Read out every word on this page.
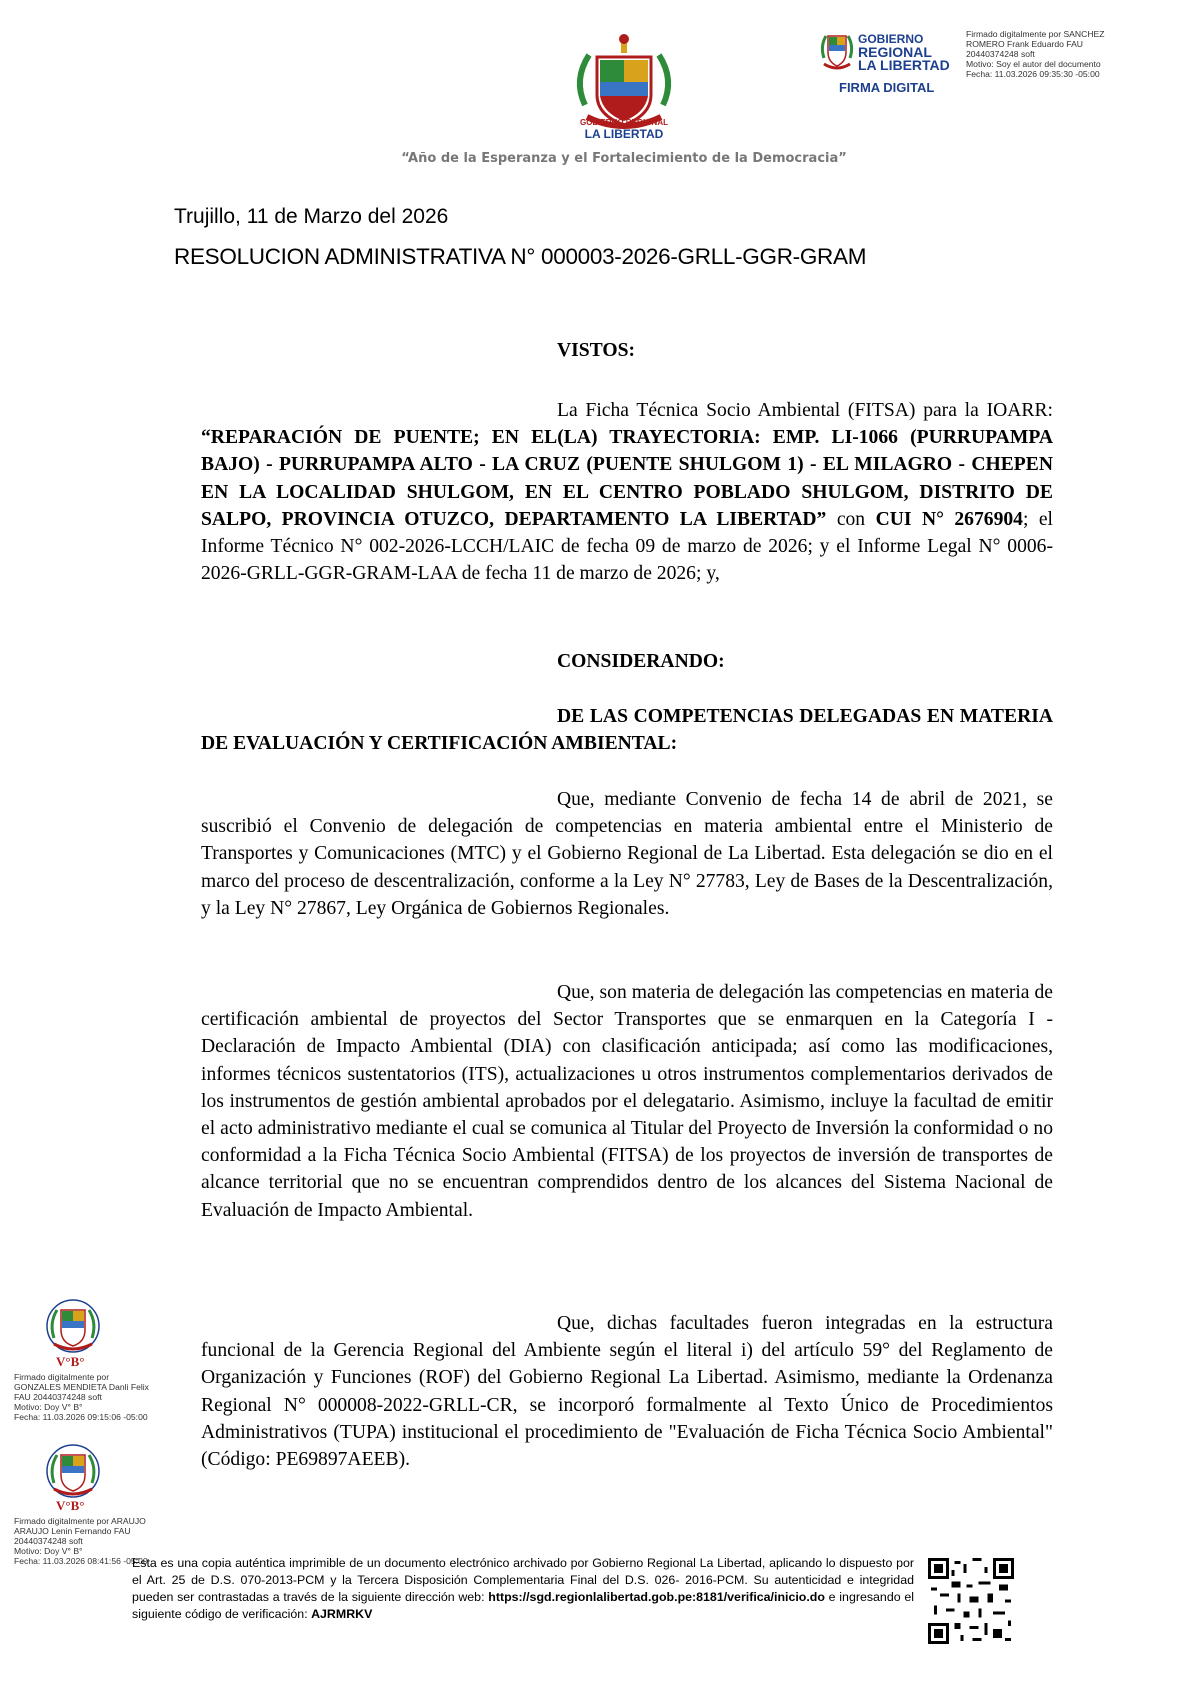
GOBIERNO REGIONAL
LA LIBERTAD
“Año de la Esperanza y el Fortalecimiento de la Democracia”
GOBIERNO
REGIONAL
LA LIBERTAD
FIRMA DIGITAL
Firmado digitalmente por SANCHEZ
ROMERO Frank Eduardo FAU
20440374248 soft
Motivo: Soy el autor del documento
Fecha: 11.03.2026 09:35:30 -05:00
Trujillo, 11 de Marzo del 2026
RESOLUCION ADMINISTRATIVA N° 000003-2026-GRLL-GGR-GRAM
VISTOS:

La Ficha Técnica Socio Ambiental (FITSA) para la IOARR: “REPARACIÓN DE PUENTE; EN EL(LA) TRAYECTORIA: EMP. LI-1066 (PURRUPAMPA BAJO) - PURRUPAMPA ALTO - LA CRUZ (PUENTE SHULGOM 1) - EL MILAGRO - CHEPEN EN LA LOCALIDAD SHULGOM, EN EL CENTRO POBLADO SHULGOM, DISTRITO DE SALPO, PROVINCIA OTUZCO, DEPARTAMENTO LA LIBERTAD” con CUI N° 2676904; el Informe Técnico N° 002-2026-LCCH/LAIC de fecha 09 de marzo de 2026; y el Informe Legal N° 0006-2026-GRLL-GGR-GRAM-LAA de fecha 11 de marzo de 2026; y,

CONSIDERANDO:

DE LAS COMPETENCIAS DELEGADAS EN MATERIA DE EVALUACIÓN Y CERTIFICACIÓN AMBIENTAL:

Que, mediante Convenio de fecha 14 de abril de 2021, se suscribió el Convenio de delegación de competencias en materia ambiental entre el Ministerio de Transportes y Comunicaciones (MTC) y el Gobierno Regional de La Libertad. Esta delegación se dio en el marco del proceso de descentralización, conforme a la Ley N° 27783, Ley de Bases de la Descentralización, y la Ley N° 27867, Ley Orgánica de Gobiernos Regionales.

Que, son materia de delegación las competencias en materia de certificación ambiental de proyectos del Sector Transportes que se enmarquen en la Categoría I - Declaración de Impacto Ambiental (DIA) con clasificación anticipada; así como las modificaciones, informes técnicos sustentatorios (ITS), actualizaciones u otros instrumentos complementarios derivados de los instrumentos de gestión ambiental aprobados por el delegatario. Asimismo, incluye la facultad de emitir el acto administrativo mediante el cual se comunica al Titular del Proyecto de Inversión la conformidad o no conformidad a la Ficha Técnica Socio Ambiental (FITSA) de los proyectos de inversión de transportes de alcance territorial que no se encuentran comprendidos dentro de los alcances del Sistema Nacional de Evaluación de Impacto Ambiental.

Que, dichas facultades fueron integradas en la estructura funcional de la Gerencia Regional del Ambiente según el literal i) del artículo 59° del Reglamento de Organización y Funciones (ROF) del Gobierno Regional La Libertad. Asimismo, mediante la Ordenanza Regional N° 000008-2022-GRLL-CR, se incorporó formalmente al Texto Único de Procedimientos Administrativos (TUPA) institucional el procedimiento de "Evaluación de Ficha Técnica Socio Ambiental" (Código: PE69897AEEB).

V°B°
Firmado digitalmente por
GONZALES MENDIETA Danli Felix
FAU 20440374248 soft
Motivo: Doy V° B°
Fecha: 11.03.2026 09:15:06 -05:00
V°B°
Firmado digitalmente por ARAUJO
ARAUJO Lenin Fernando FAU
20440374248 soft
Motivo: Doy V° B°
Fecha: 11.03.2026 08:41:56 -05:00
Esta es una copia auténtica imprimible de un documento electrónico archivado por Gobierno Regional La Libertad, aplicando lo dispuesto por el Art. 25 de D.S. 070-2013-PCM y la Tercera Disposición Complementaria Final del D.S. 026- 2016-PCM. Su autenticidad e integridad pueden ser contrastadas a través de la siguiente dirección web: https://sgd.regionlalibertad.gob.pe:8181/verifica/inicio.do e ingresando el siguiente código de verificación: AJRMRKV
